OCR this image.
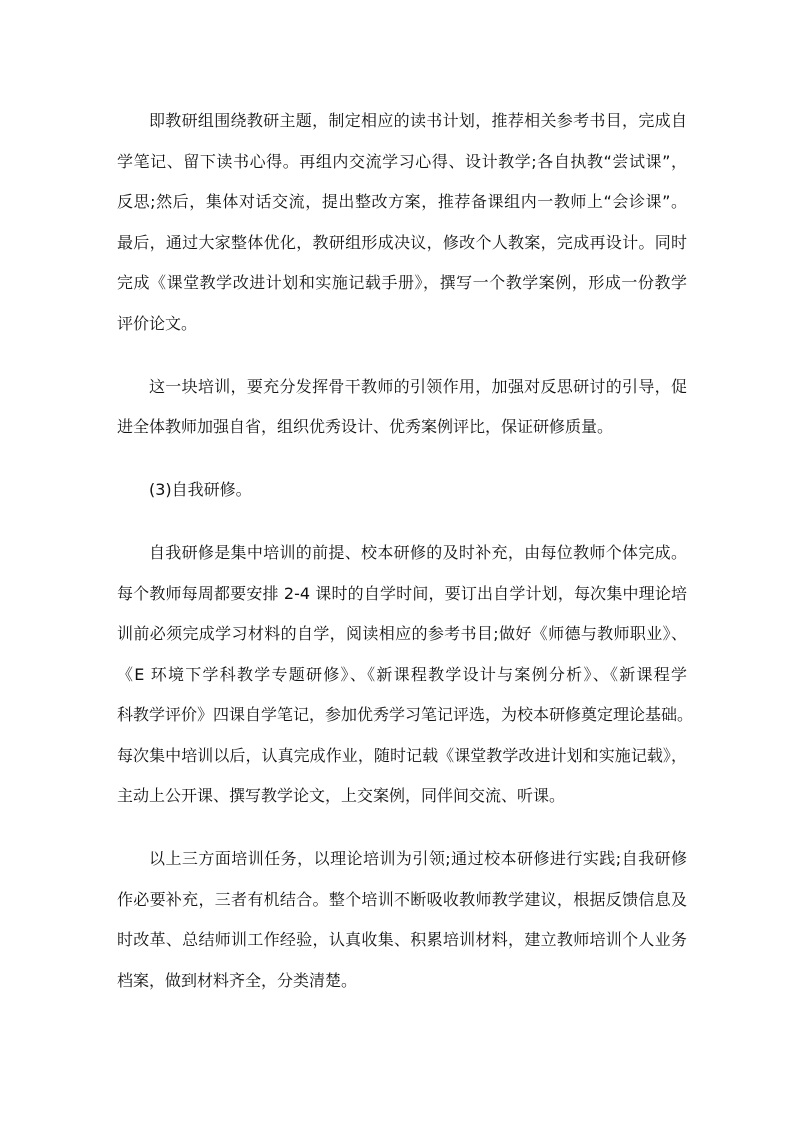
即教研组围绕教研主题，制定相应的读书计划，推荐相关参考书目，完成自
学笔记、留下读书心得。再组内交流学习心得、设计教学;各自执教“尝试课”，
反思;然后，集体对话交流，提出整改方案，推荐备课组内一教师上“会诊课”。
最后，通过大家整体优化，教研组形成决议，修改个人教案，完成再设计。同时
完成《课堂教学改进计划和实施记载手册》，撰写一个教学案例，形成一份教学
评价论文。

这一块培训，要充分发挥骨干教师的引领作用，加强对反思研讨的引导，促
进全体教师加强自省，组织优秀设计、优秀案例评比，保证研修质量。

(3)自我研修。

自我研修是集中培训的前提、校本研修的及时补充，由每位教师个体完成。
每个教师每周都要安排 2-4 课时的自学时间，要订出自学计划，每次集中理论培
训前必须完成学习材料的自学，阅读相应的参考书目;做好《师德与教师职业》、
《E 环境下学科教学专题研修》、《新课程教学设计与案例分析》、《新课程学
科教学评价》四课自学笔记，参加优秀学习笔记评选，为校本研修奠定理论基础。
每次集中培训以后，认真完成作业，随时记载《课堂教学改进计划和实施记载》，
主动上公开课、撰写教学论文，上交案例，同伴间交流、听课。

以上三方面培训任务，以理论培训为引领;通过校本研修进行实践;自我研修
作必要补充，三者有机结合。整个培训不断吸收教师教学建议，根据反馈信息及
时改革、总结师训工作经验，认真收集、积累培训材料，建立教师培训个人业务
档案，做到材料齐全，分类清楚。
